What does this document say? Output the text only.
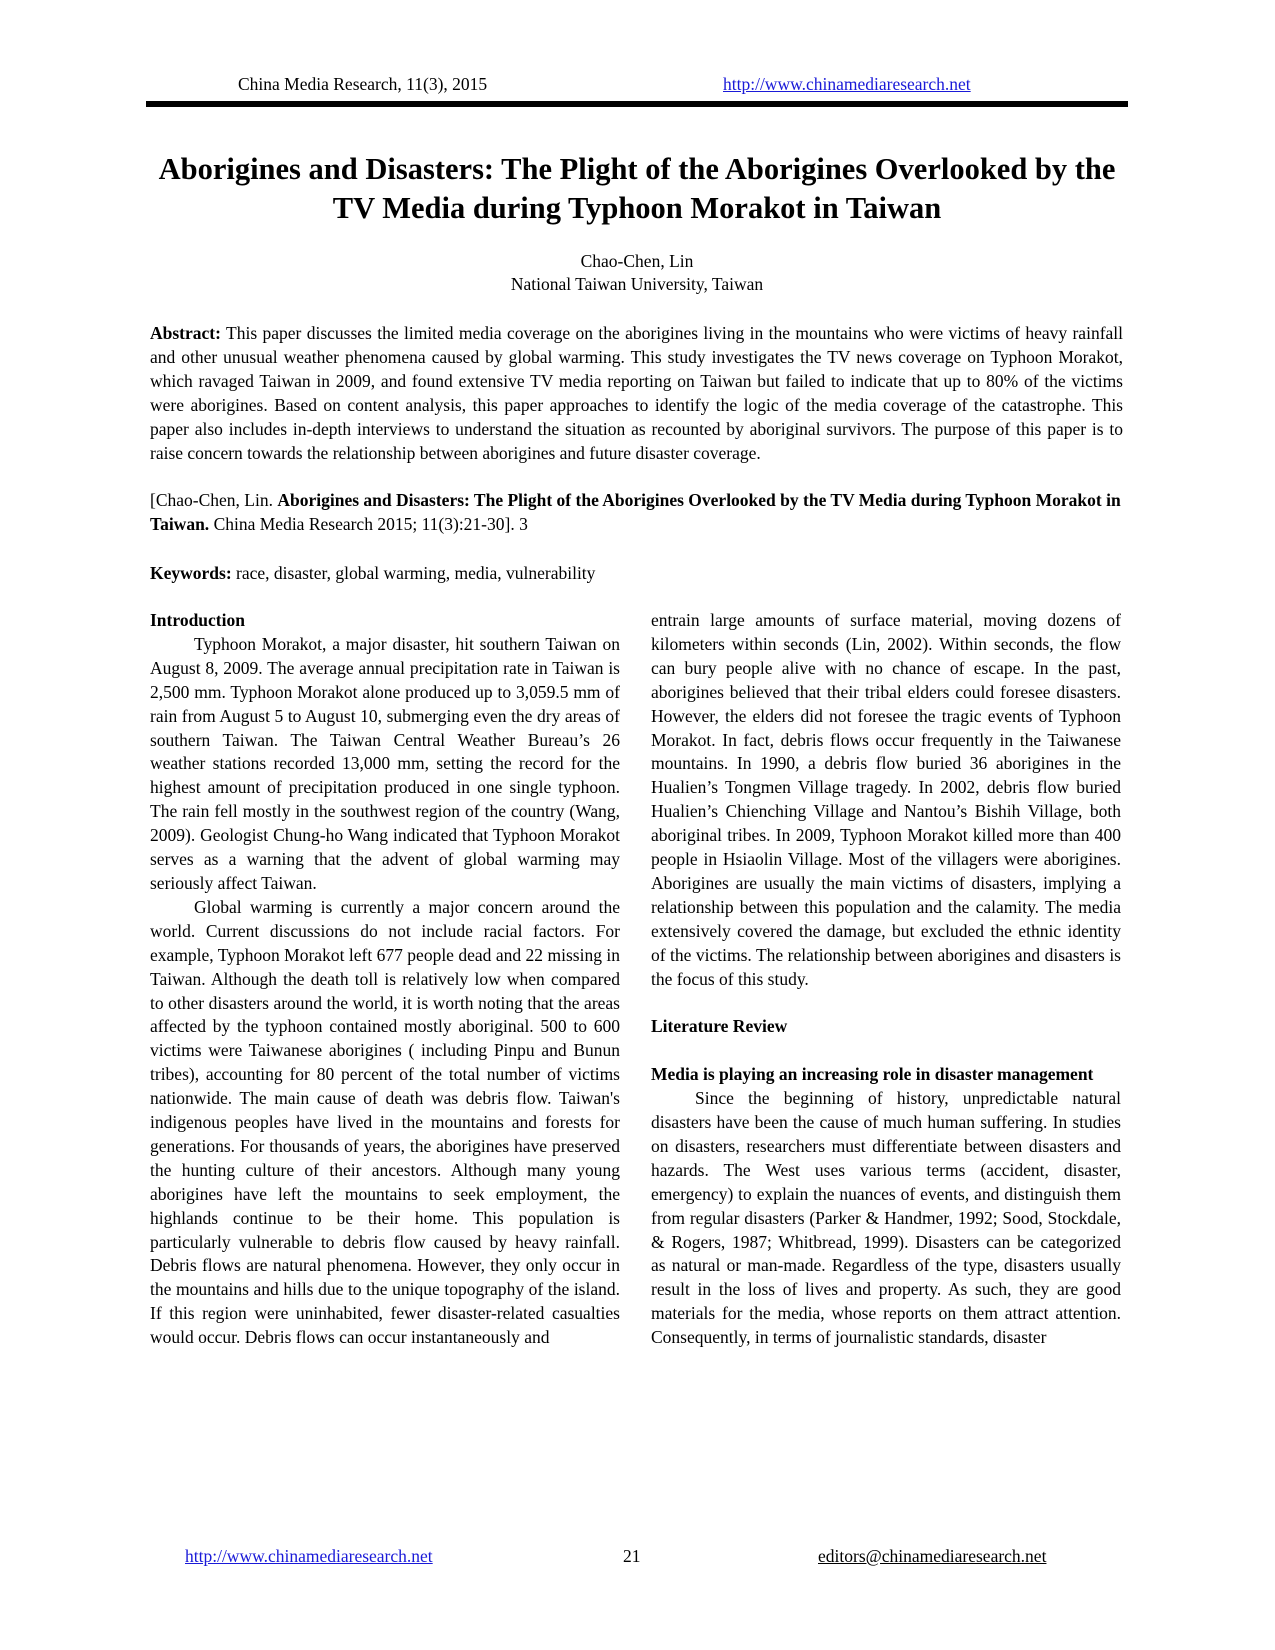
China Media Research, 11(3), 2015	http://www.chinamediaresearch.net
Aborigines and Disasters: The Plight of the Aborigines Overlooked by the TV Media during Typhoon Morakot in Taiwan
Chao-Chen, Lin
National Taiwan University, Taiwan

Abstract: This paper discusses the limited media coverage on the aborigines living in the mountains who were victims of heavy rainfall and other unusual weather phenomena caused by global warming. This study investigates the TV news coverage on Typhoon Morakot, which ravaged Taiwan in 2009, and found extensive TV media reporting on Taiwan but failed to indicate that up to 80% of the victims were aborigines. Based on content analysis, this paper approaches to identify the logic of the media coverage of the catastrophe. This paper also includes in-depth interviews to understand the situation as recounted by aboriginal survivors. The purpose of this paper is to raise concern towards the relationship between aborigines and future disaster coverage.

[Chao-Chen, Lin. Aborigines and Disasters: The Plight of the Aborigines Overlooked by the TV Media during Typhoon Morakot in Taiwan. China Media Research 2015; 11(3):21-30]. 3

Keywords: race, disaster, global warming, media, vulnerability

Introduction

Typhoon Morakot, a major disaster, hit southern Taiwan on August 8, 2009. The average annual precipitation rate in Taiwan is 2,500 mm. Typhoon Morakot alone produced up to 3,059.5 mm of rain from August 5 to August 10, submerging even the dry areas of southern Taiwan. The Taiwan Central Weather Bureau’s 26 weather stations recorded 13,000 mm, setting the record for the highest amount of precipitation produced in one single typhoon. The rain fell mostly in the southwest region of the country (Wang, 2009). Geologist Chung-ho Wang indicated that Typhoon Morakot serves as a warning that the advent of global warming may seriously affect Taiwan.

Global warming is currently a major concern around the world. Current discussions do not include racial factors. For example, Typhoon Morakot left 677 people dead and 22 missing in Taiwan. Although the death toll is relatively low when compared to other disasters around the world, it is worth noting that the areas affected by the typhoon contained mostly aboriginal. 500 to 600 victims were Taiwanese aborigines ( including Pinpu and Bunun tribes), accounting for 80 percent of the total number of victims nationwide. The main cause of death was debris flow. Taiwan's indigenous peoples have lived in the mountains and forests for generations. For thousands of years, the aborigines have preserved the hunting culture of their ancestors. Although many young aborigines have left the mountains to seek employment, the highlands continue to be their home. This population is particularly vulnerable to debris flow caused by heavy rainfall. Debris flows are natural phenomena. However, they only occur in the mountains and hills due to the unique topography of the island. If this region were uninhabited, fewer disaster-related casualties would occur. Debris flows can occur instantaneously and

entrain large amounts of surface material, moving dozens of kilometers within seconds (Lin, 2002). Within seconds, the flow can bury people alive with no chance of escape. In the past, aborigines believed that their tribal elders could foresee disasters. However, the elders did not foresee the tragic events of Typhoon Morakot. In fact, debris flows occur frequently in the Taiwanese mountains. In 1990, a debris flow buried 36 aborigines in the Hualien’s Tongmen Village tragedy. In 2002, debris flow buried Hualien’s Chienching Village and Nantou’s Bishih Village, both aboriginal tribes. In 2009, Typhoon Morakot killed more than 400 people in Hsiaolin Village. Most of the villagers were aborigines. Aborigines are usually the main victims of disasters, implying a relationship between this population and the calamity. The media extensively covered the damage, but excluded the ethnic identity of the victims. The relationship between aborigines and disasters is the focus of this study.

Literature Review
Media is playing an increasing role in disaster management

Since the beginning of history, unpredictable natural disasters have been the cause of much human suffering. In studies on disasters, researchers must differentiate between disasters and hazards. The West uses various terms (accident, disaster, emergency) to explain the nuances of events, and distinguish them from regular disasters (Parker & Handmer, 1992; Sood, Stockdale, & Rogers, 1987; Whitbread, 1999). Disasters can be categorized as natural or man-made. Regardless of the type, disasters usually result in the loss of lives and property. As such, they are good materials for the media, whose reports on them attract attention. Consequently, in terms of journalistic standards, disaster

http://www.chinamediaresearch.net	21	editors@chinamediaresearch.net
